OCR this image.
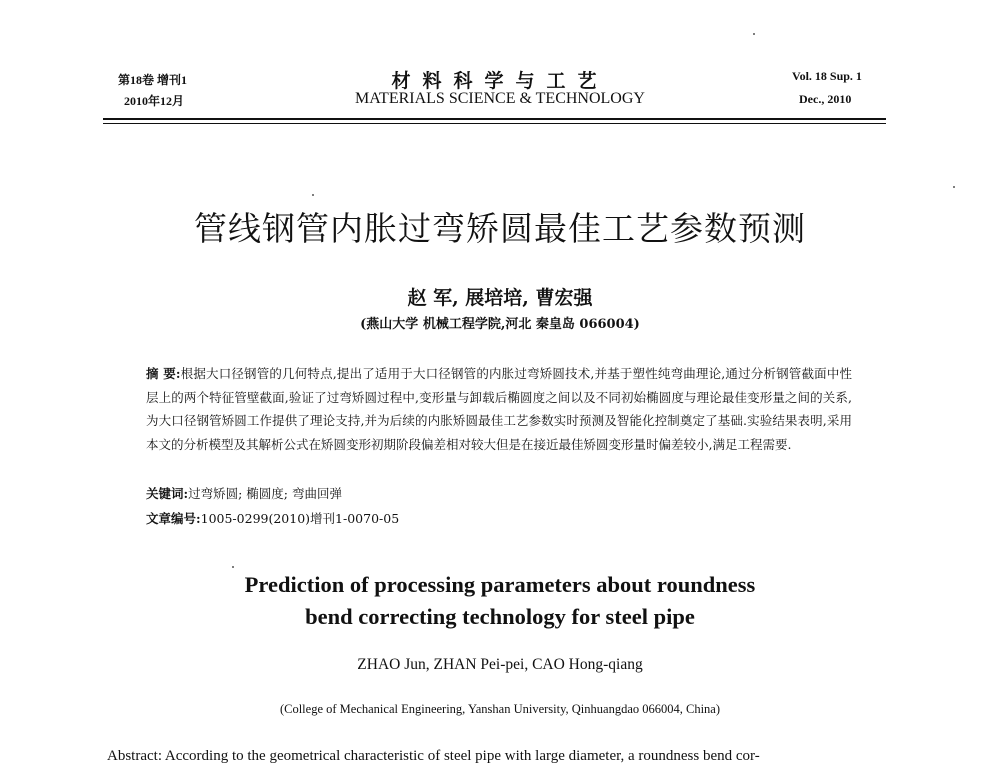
第18卷 增刊1
2010年12月
材料科学与工艺
MATERIALS SCIENCE & TECHNOLOGY
Vol. 18 Sup. 1
Dec., 2010
管线钢管内胀过弯矫圆最佳工艺参数预测
赵 军, 展培培, 曹宏强
(燕山大学 机械工程学院,河北 秦皇岛 066004)
摘 要:根据大口径钢管的几何特点,提出了适用于大口径钢管的内胀过弯矫圆技术,并基于塑性纯弯曲理论,通过分析钢管截面中性层上的两个特征管壁截面,验证了过弯矫圆过程中,变形量与卸载后椭圆度之间以及不同初始椭圆度与理论最佳变形量之间的关系,为大口径钢管矫圆工作提供了理论支持,并为后续的内胀矫圆最佳工艺参数实时预测及智能化控制奠定了基础.实验结果表明,采用本文的分析模型及其解析公式在矫圆变形初期阶段偏差相对较大但是在接近最佳矫圆变形量时偏差较小,满足工程需要.
关键词:过弯矫圆; 椭圆度; 弯曲回弹
文章编号:1005-0299(2010)增刊1-0070-05
Prediction of processing parameters about roundness
bend correcting technology for steel pipe
ZHAO Jun, ZHAN Pei-pei, CAO Hong-qiang
(College of Mechanical Engineering, Yanshan University, Qinhuangdao 066004, China)
Abstract: According to the geometrical characteristic of steel pipe with large diameter, a roundness bend cor-
